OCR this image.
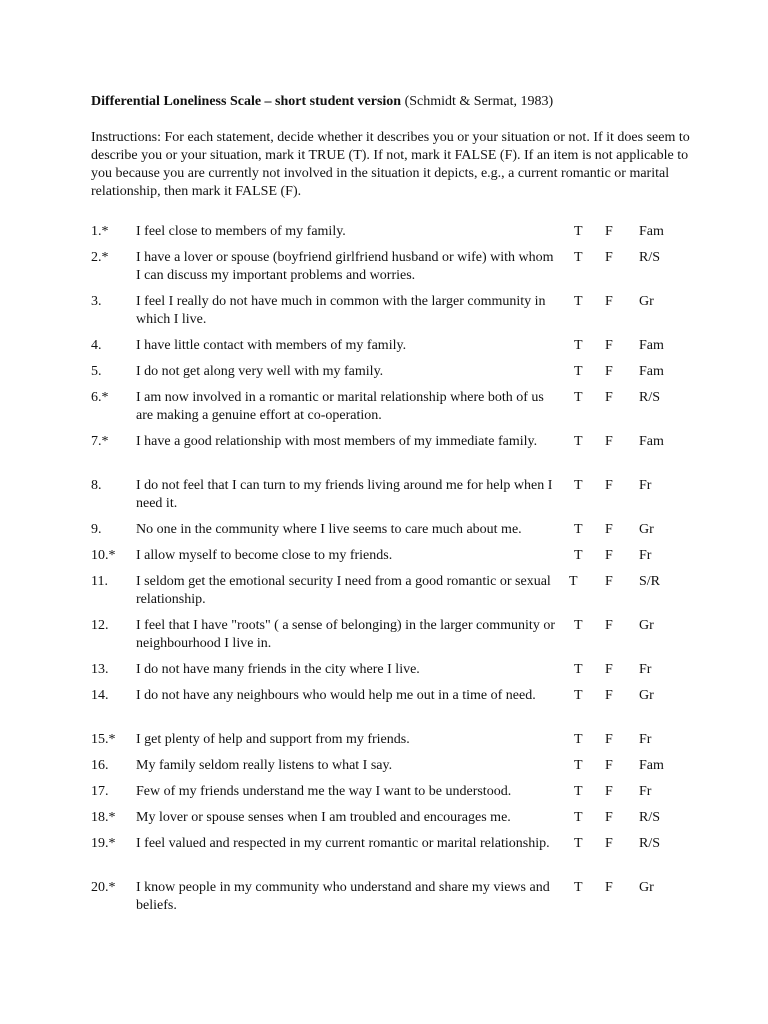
Differential Loneliness Scale – short student version (Schmidt & Sermat, 1983)

Instructions: For each statement, decide whether it describes you or your situation or not. If it does seem to describe you or your situation, mark it TRUE (T). If not, mark it FALSE (F). If an item is not applicable to you because you are currently not involved in the situation it depicts, e.g., a current romantic or marital relationship, then mark it FALSE (F).

1.* I feel close to members of my family.	T F Fam
2.* I have a lover or spouse (boyfriend girlfriend husband or wife) with whom I can discuss my important problems and worries.
T F R/S
3. I feel I really do not have much in common with the larger community in which I live.
T F Gr
4. I have little contact with members of my family.	T F Fam
5. I do not get along very well with my family.	T F Fam
6.* I am now involved in a romantic or marital relationship where both of us are making a genuine effort at co-operation.
T F R/S
7.* I have a good relationship with most members of my immediate family.	T F Fam
8. I do not feel that I can turn to my friends living around me for help when I need it.
T F Fr
9. No one in the community where I live seems to care much about me.	T F Gr
10.* I allow myself to become close to my friends.	T F Fr
11. I seldom get the emotional security I need from a good romantic or sexual relationship.
T F S/R
12. I feel that I have "roots" ( a sense of belonging) in the larger community or neighbourhood I live in.
T F Gr
13. I do not have many friends in the city where I live.	T F Fr
14. I do not have any neighbours who would help me out in a time of need.	T F Gr
15.* I get plenty of help and support from my friends.	T F Fr
16. My family seldom really listens to what I say.	T F Fam
17. Few of my friends understand me the way I want to be understood.	T F Fr
18.* My lover or spouse senses when I am troubled and encourages me.	T F R/S
19.* I feel valued and respected in my current romantic or marital relationship.	T F R/S
20.* I know people in my community who understand and share my views and beliefs.
T F Gr
